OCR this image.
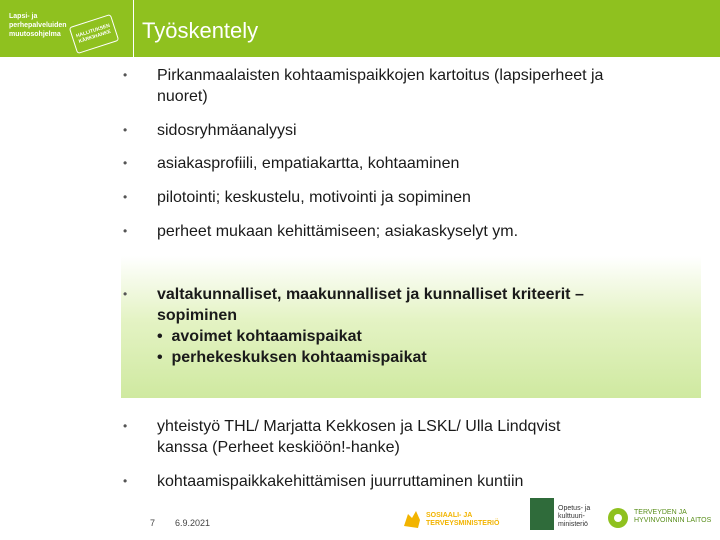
Lapsi- ja
perhepalveluiden
muutosohjelma	HALLITUKSEN
KÄRKIHANKE	Työskentely
• Pirkanmaalaisten kohtaamispaikkojen kartoitus (lapsiperheet ja
nuoret)
• sidosryhmäanalyysi
• asiakasprofiili, empatiakartta, kohtaaminen
• pilotointi; keskustelu, motivointi ja sopiminen
• perheet mukaan kehittämiseen; asiakaskyselyt ym.
• valtakunnalliset, maakunnalliset ja kunnalliset kriteerit –
sopiminen
•  avoimet kohtaamispaikat
•  perhekeskuksen kohtaamispaikat
• yhteistyö THL/ Marjatta Kekkosen ja LSKL/ Ulla Lindqvist
kanssa (Perheet keskiöön!-hanke)
• kohtaamispaikkakehittämisen juurruttaminen kuntiin
7 6.9.2021
SOSIAALI- JA
TERVEYSMINISTERIÖ
Opetus- ja
kulttuuri-
ministeriö
TERVEYDEN JA
HYVINVOINNIN LAITOS
